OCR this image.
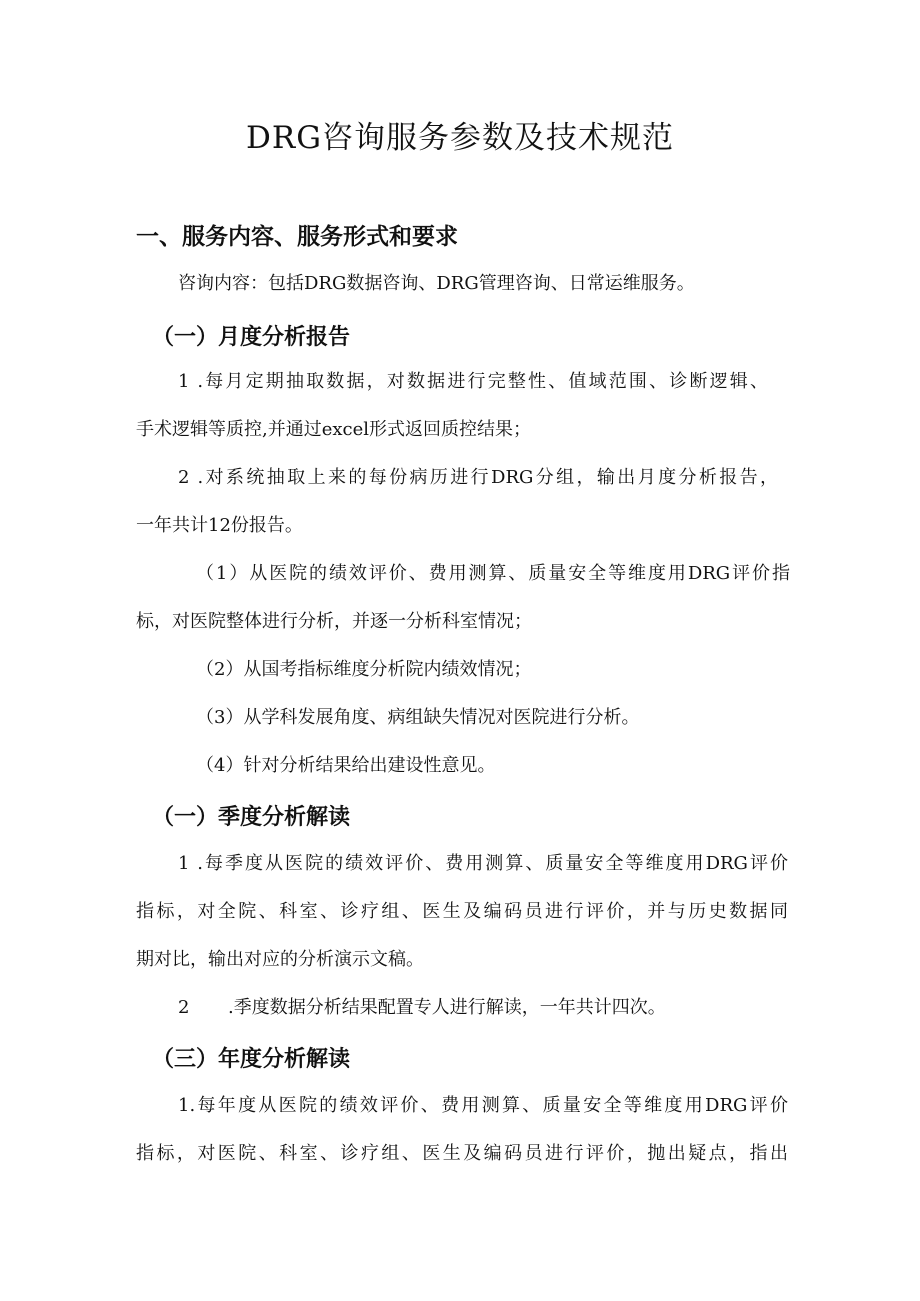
DRG咨询服务参数及技术规范
一、服务内容、服务形式和要求

咨询内容：包括DRG数据咨询、DRG管理咨询、日常运维服务。

（一）月度分析报告

1 .每月定期抽取数据，对数据进行完整性、值域范围、诊断逻辑、

手术逻辑等质控,并通过excel形式返回质控结果；

2 .对系统抽取上来的每份病历进行DRG分组，输出月度分析报告，

一年共计12份报告。

（1）从医院的绩效评价、费用测算、质量安全等维度用DRG评价指

标，对医院整体进行分析，并逐一分析科室情况；

（2）从国考指标维度分析院内绩效情况；

（3）从学科发展角度、病组缺失情况对医院进行分析。

（4）针对分析结果给出建设性意见。

（一）季度分析解读

1 .每季度从医院的绩效评价、费用测算、质量安全等维度用DRG评价

指标，对全院、科室、诊疗组、医生及编码员进行评价，并与历史数据同

期对比，输出对应的分析演示文稿。

2 .季度数据分析结果配置专人进行解读，一年共计四次。

（三）年度分析解读

1.每年度从医院的绩效评价、费用测算、质量安全等维度用DRG评价

指标，对医院、科室、诊疗组、医生及编码员进行评价，抛出疑点，指出
